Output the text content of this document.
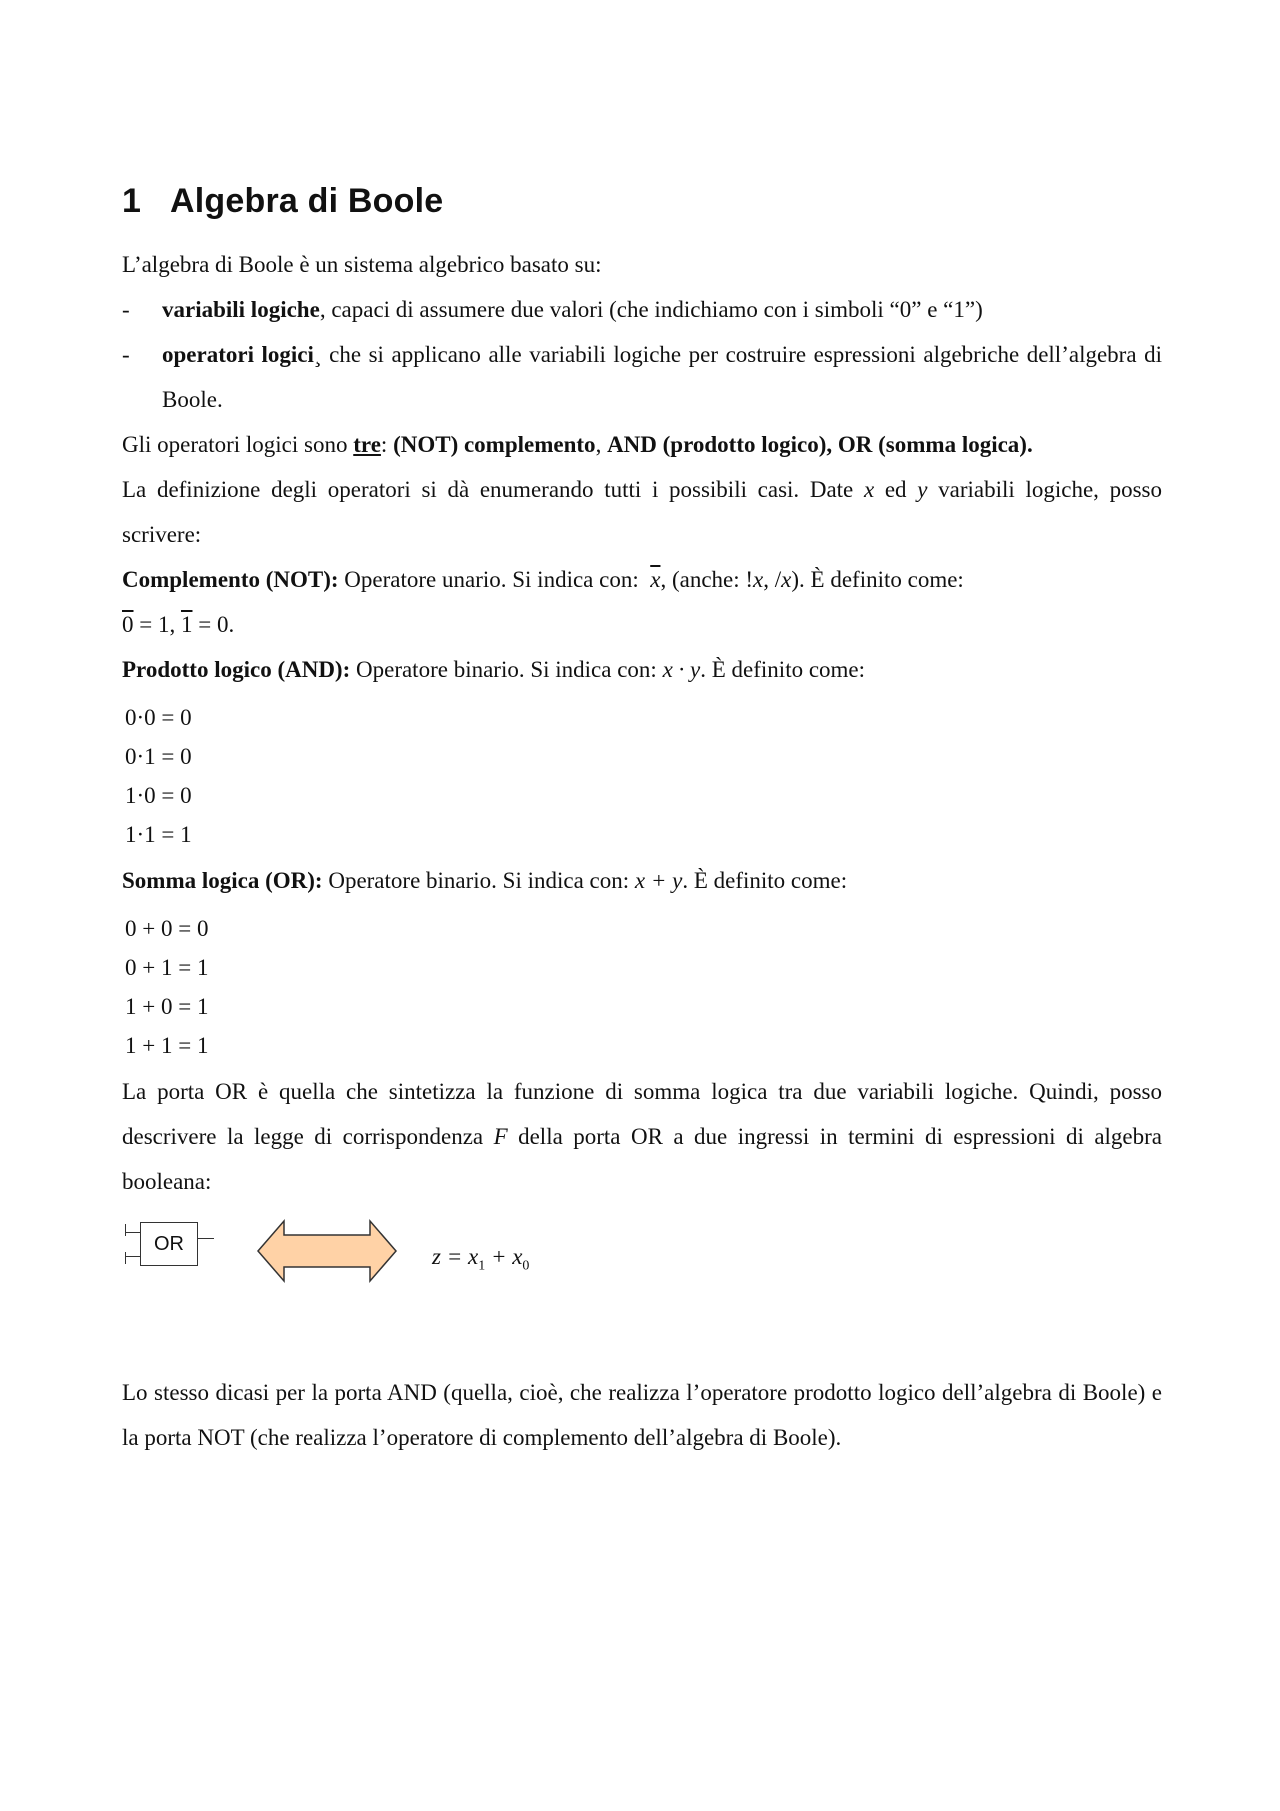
1 Algebra di Boole

L’algebra di Boole è un sistema algebrico basato su:

- variabili logiche, capaci di assumere due valori (che indichiamo con i simboli “0” e “1”)
- operatori logici¸ che si applicano alle variabili logiche per costruire espressioni algebriche dell’algebra di Boole.

Gli operatori logici sono tre: (NOT) complemento, AND (prodotto logico), OR (somma logica).

La definizione degli operatori si dà enumerando tutti i possibili casi. Date x ed y variabili logiche, posso scrivere:

Complemento (NOT): Operatore unario. Si indica con:  $\overline{x}$, (anche: !x, /x). È definito come:

0 = 1, 1 = 0.

Prodotto logico (AND): Operatore binario. Si indica con: x · y. È definito come:

0·0 = 0
0·1 = 0
1·0 = 0
1·1 = 1

Somma logica (OR): Operatore binario. Si indica con: x + y. È definito come:

0 + 0 = 0
0 + 1 = 1
1 + 0 = 1
1 + 1 = 1

La porta OR è quella che sintetizza la funzione di somma logica tra due variabili logiche. Quindi, posso descrivere la legge di corrispondenza F della porta OR a due ingressi in termini di espressioni di algebra booleana:

OR
$z = x_1 + x_0$

Lo stesso dicasi per la porta AND (quella, cioè, che realizza l’operatore prodotto logico dell’algebra di Boole) e la porta NOT (che realizza l’operatore di complemento dell’algebra di Boole).
